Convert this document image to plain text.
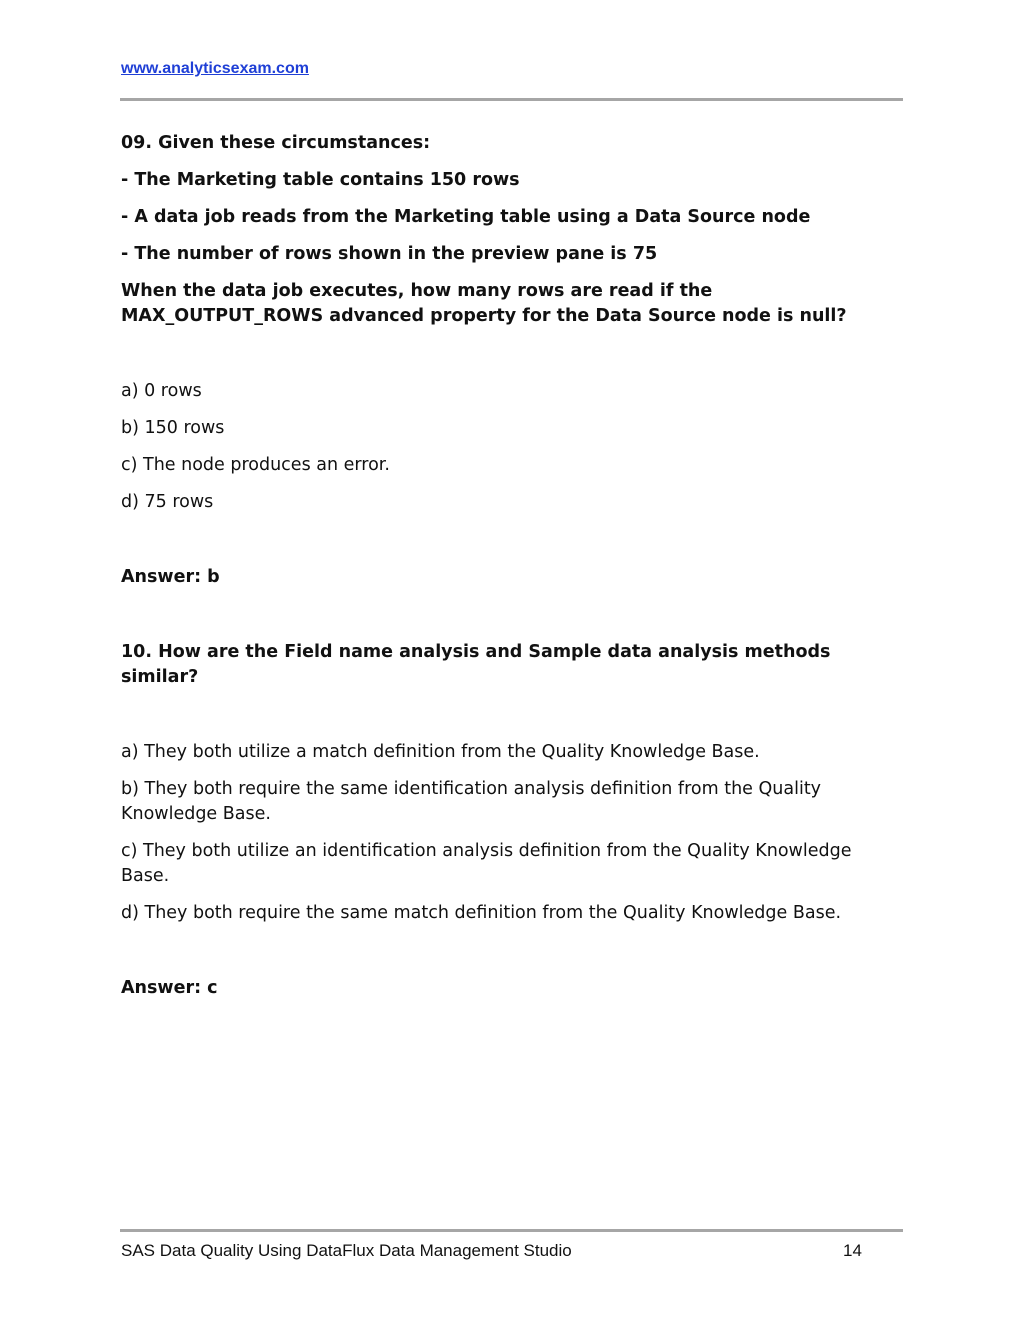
www.analyticsexam.com

09. Given these circumstances:

- The Marketing table contains 150 rows

- A data job reads from the Marketing table using a Data Source node

- The number of rows shown in the preview pane is 75

When the data job executes, how many rows are read if the MAX_OUTPUT_ROWS advanced property for the Data Source node is null?

a) 0 rows

b) 150 rows

c) The node produces an error.

d) 75 rows

Answer: b

10. How are the Field name analysis and Sample data analysis methods similar?

a) They both utilize a match definition from the Quality Knowledge Base.

b) They both require the same identification analysis definition from the Quality Knowledge Base.

c) They both utilize an identification analysis definition from the Quality Knowledge Base.

d) They both require the same match definition from the Quality Knowledge Base.

Answer: c

SAS Data Quality Using DataFlux Data Management Studio	14
